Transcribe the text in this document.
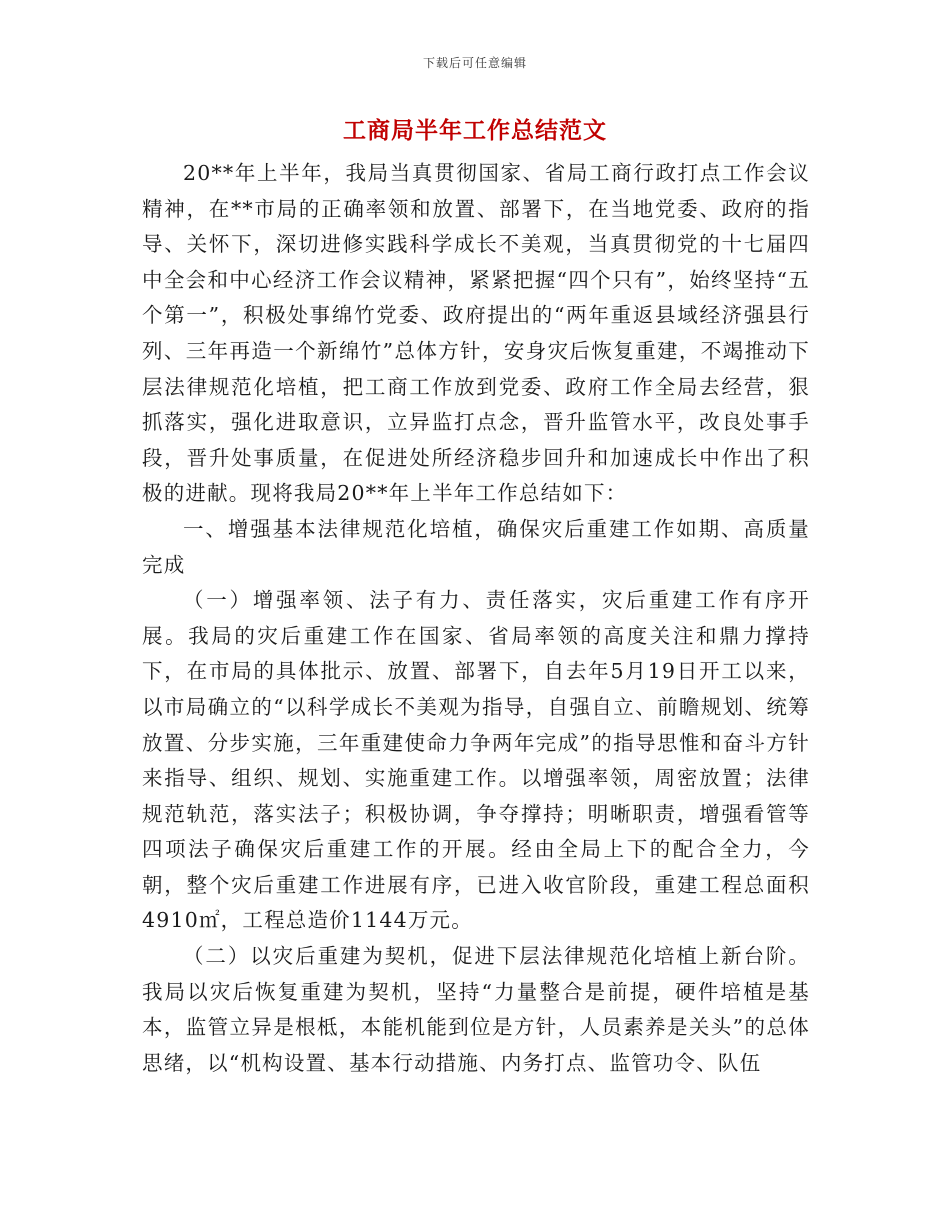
下载后可任意编辑
工商局半年工作总结范文

20**年上半年，我局当真贯彻国家、省局工商行政打点工作会议精神，在**市局的正确率领和放置、部署下，在当地党委、政府的指导、关怀下，深切进修实践科学成长不美观，当真贯彻党的十七届四中全会和中心经济工作会议精神，紧紧把握“四个只有”，始终坚持“五个第一”，积极处事绵竹党委、政府提出的“两年重返县域经济强县行列、三年再造一个新绵竹”总体方针，安身灾后恢复重建，不竭推动下层法律规范化培植，把工商工作放到党委、政府工作全局去经营，狠抓落实，强化进取意识，立异监打点念，晋升监管水平，改良处事手段，晋升处事质量，在促进处所经济稳步回升和加速成长中作出了积极的进献。现将我局20**年上半年工作总结如下：

一、增强基本法律规范化培植，确保灾后重建工作如期、高质量完成

（一）增强率领、法子有力、责任落实，灾后重建工作有序开展。我局的灾后重建工作在国家、省局率领的高度关注和鼎力撑持下，在市局的具体批示、放置、部署下，自去年5月19日开工以来，以市局确立的“以科学成长不美观为指导，自强自立、前瞻规划、统筹放置、分步实施，三年重建使命力争两年完成”的指导思惟和奋斗方针来指导、组织、规划、实施重建工作。以增强率领，周密放置；法律规范轨范，落实法子；积极协调，争夺撑持；明晰职责，增强看管等四项法子确保灾后重建工作的开展。经由全局上下的配合全力，今朝，整个灾后重建工作进展有序，已进入收官阶段，重建工程总面积4910㎡，工程总造价1144万元。

（二）以灾后重建为契机，促进下层法律规范化培植上新台阶。我局以灾后恢复重建为契机，坚持“力量整合是前提，硬件培植是基本，监管立异是根柢，本能机能到位是方针，人员素养是关头”的总体思绪，以“机构设置、基本行动措施、内务打点、监管功令、队伍
